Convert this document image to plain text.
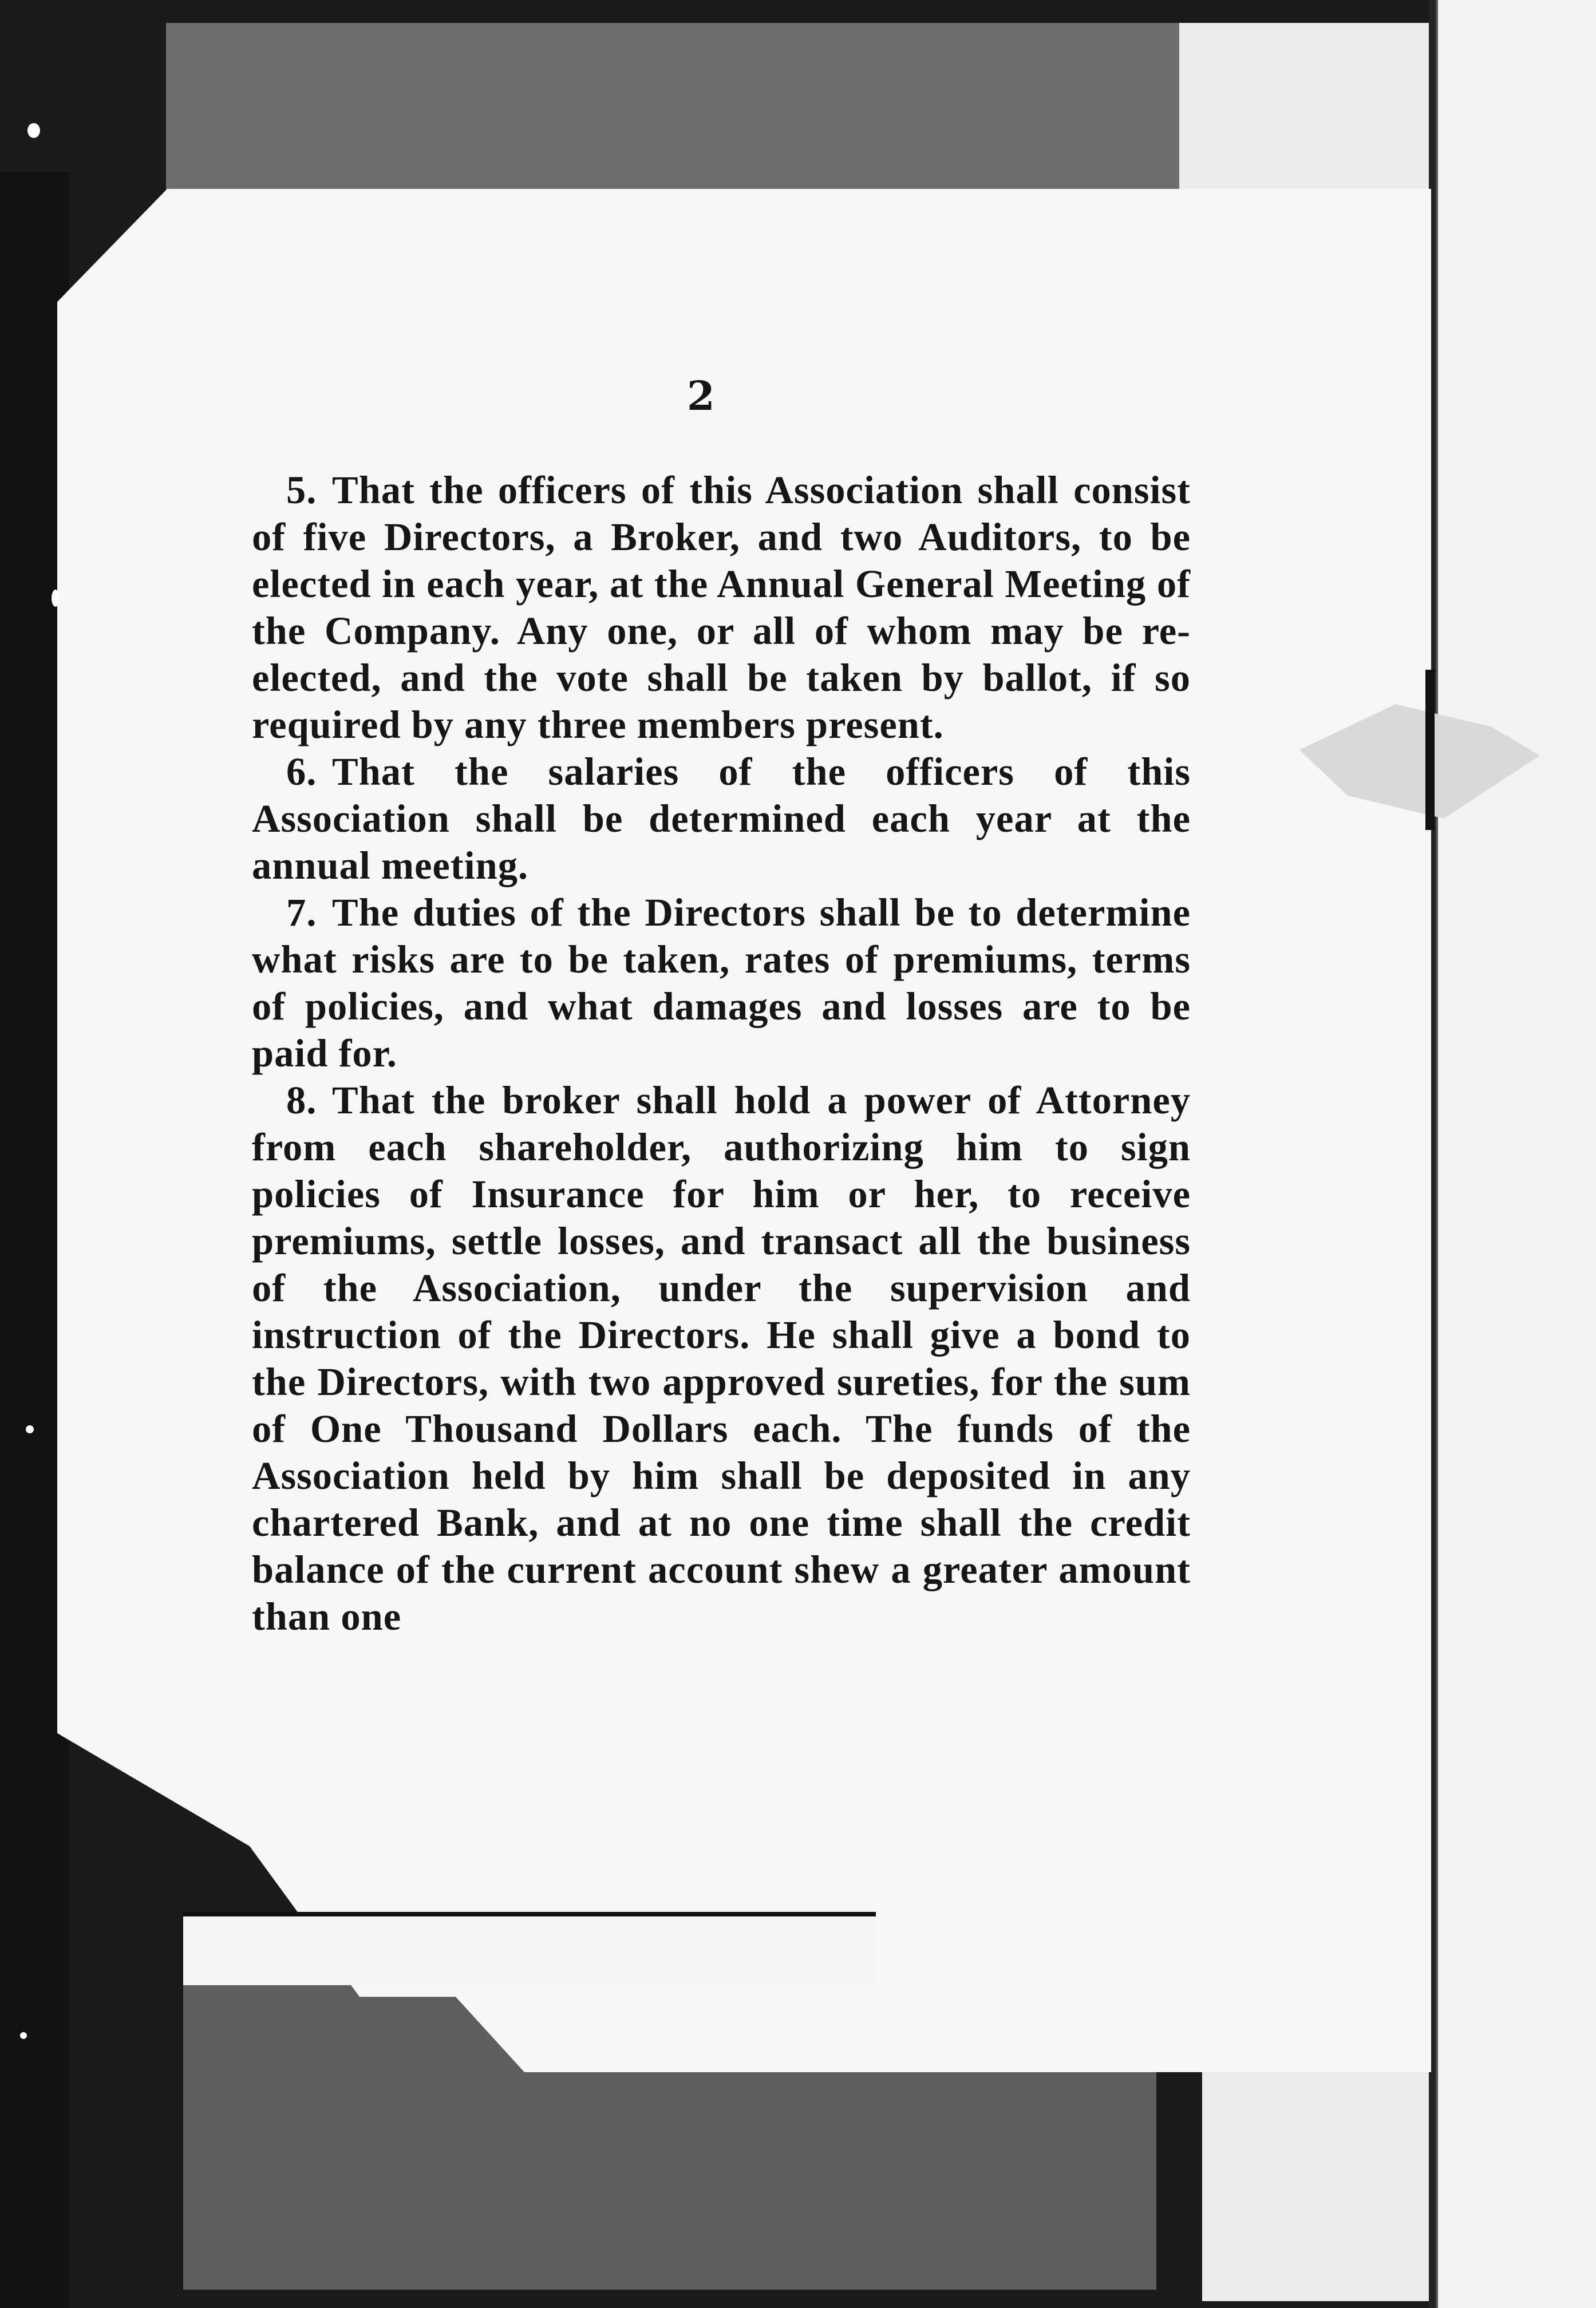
2

5. That the officers of this Association shall consist of five Directors, a Broker, and two Auditors, to be elected in each year, at the Annual General Meeting of the Company. Any one, or all of whom may be re-elected, and the vote shall be taken by ballot, if so required by any three members present.

6. That the salaries of the officers of this Association shall be determined each year at the annual meeting.

7. The duties of the Directors shall be to determine what risks are to be taken, rates of premiums, terms of policies, and what damages and losses are to be paid for.

8. That the broker shall hold a power of Attorney from each shareholder, authorizing him to sign policies of Insurance for him or her, to receive premiums, settle losses, and transact all the business of the Association, under the supervision and instruction of the Directors. He shall give a bond to the Directors, with two approved sureties, for the sum of One Thousand Dollars each. The funds of the Association held by him shall be deposited in any chartered Bank, and at no one time shall the credit balance of the current account shew a greater amount than one
